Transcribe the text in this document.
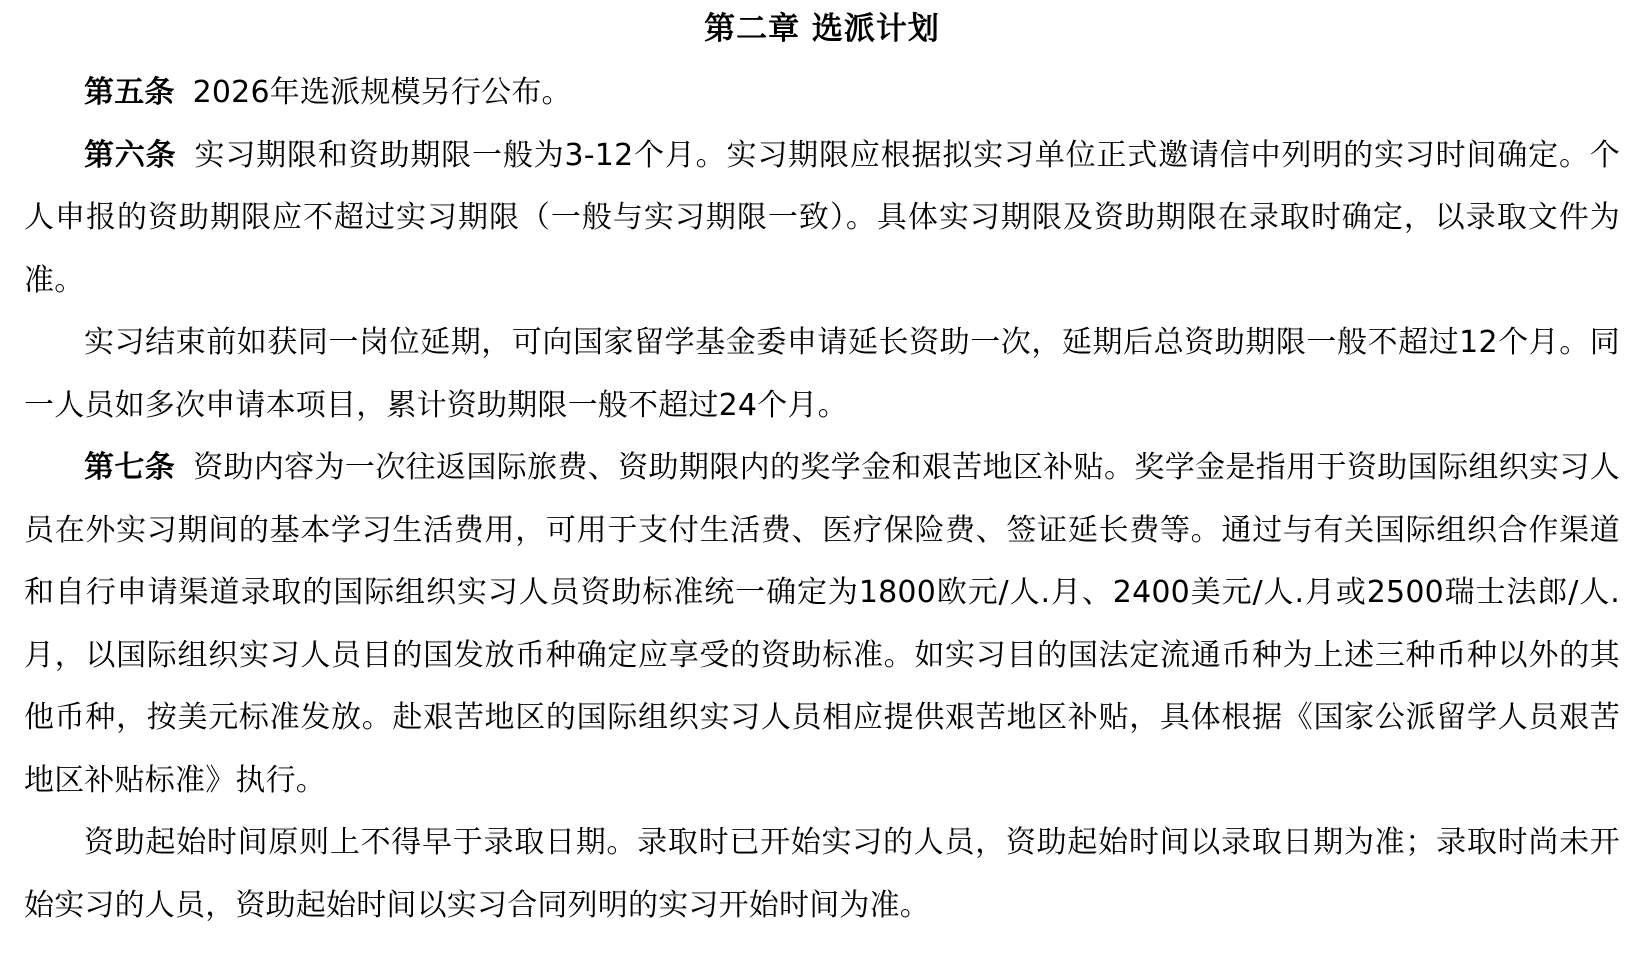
第二章 选派计划

第五条 2026年选派规模另行公布。

第六条 实习期限和资助期限一般为3-12个月。实习期限应根据拟实习单位正式邀请信中列明的实习时间确定。个人申报的资助期限应不超过实习期限（一般与实习期限一致）。具体实习期限及资助期限在录取时确定，以录取文件为准。

实习结束前如获同一岗位延期，可向国家留学基金委申请延长资助一次，延期后总资助期限一般不超过12个月。同一人员如多次申请本项目，累计资助期限一般不超过24个月。

第七条 资助内容为一次往返国际旅费、资助期限内的奖学金和艰苦地区补贴。奖学金是指用于资助国际组织实习人员在外实习期间的基本学习生活费用，可用于支付生活费、医疗保险费、签证延长费等。通过与有关国际组织合作渠道和自行申请渠道录取的国际组织实习人员资助标准统一确定为1800欧元/人.月、2400美元/人.月或2500瑞士法郎/人.月，以国际组织实习人员目的国发放币种确定应享受的资助标准。如实习目的国法定流通币种为上述三种币种以外的其他币种，按美元标准发放。赴艰苦地区的国际组织实习人员相应提供艰苦地区补贴，具体根据《国家公派留学人员艰苦地区补贴标准》执行。

资助起始时间原则上不得早于录取日期。录取时已开始实习的人员，资助起始时间以录取日期为准；录取时尚未开始实习的人员，资助起始时间以实习合同列明的实习开始时间为准。
